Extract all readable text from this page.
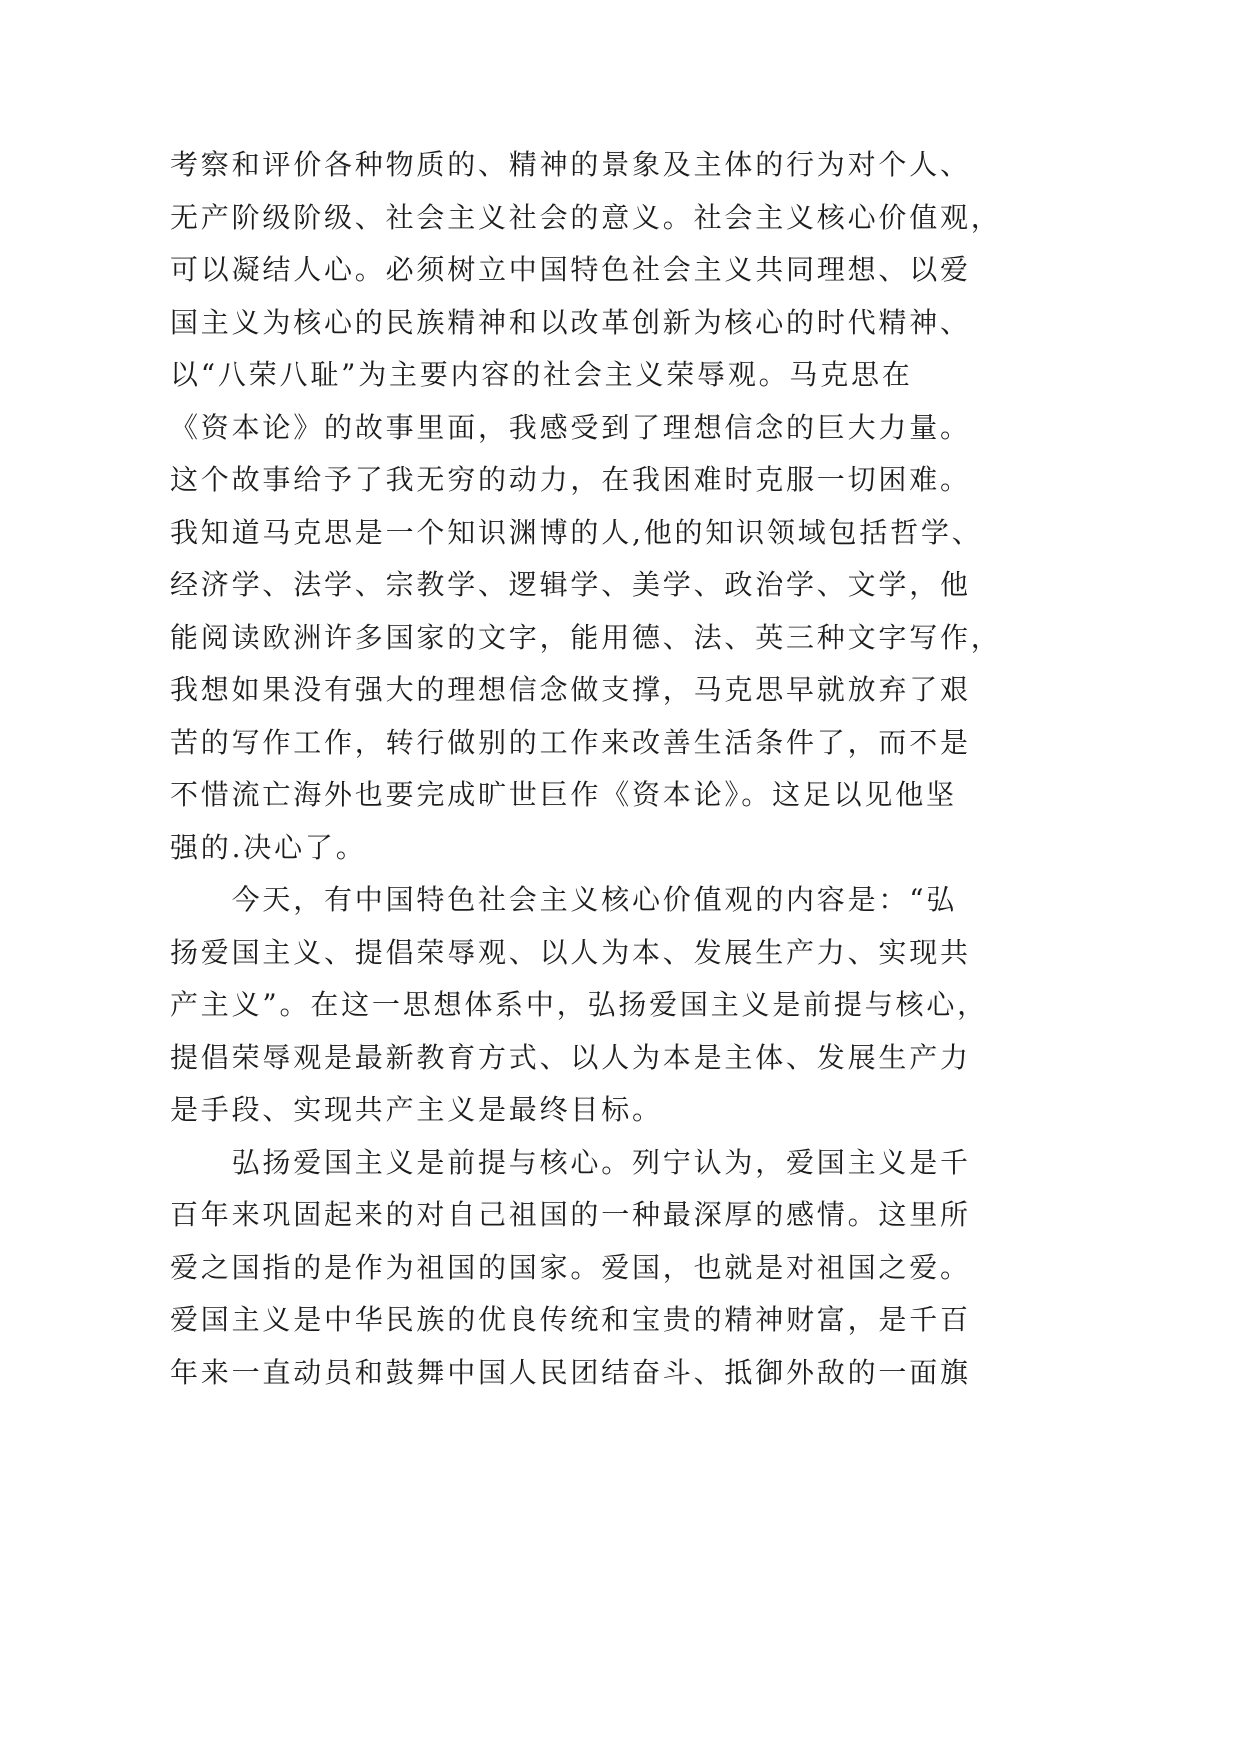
考察和评价各种物质的、精神的景象及主体的行为对个人、
无产阶级阶级、社会主义社会的意义。社会主义核心价值观，
可以凝结人心。必须树立中国特色社会主义共同理想、以爱
国主义为核心的民族精神和以改革创新为核心的时代精神、
以“八荣八耻”为主要内容的社会主义荣辱观。马克思在
《资本论》的故事里面，我感受到了理想信念的巨大力量。
这个故事给予了我无穷的动力，在我困难时克服一切困难。
我知道马克思是一个知识渊博的人,他的知识领域包括哲学、
经济学、法学、宗教学、逻辑学、美学、政治学、文学，他
能阅读欧洲许多国家的文字，能用德、法、英三种文字写作，
我想如果没有强大的理想信念做支撑，马克思早就放弃了艰
苦的写作工作，转行做别的工作来改善生活条件了，而不是
不惜流亡海外也要完成旷世巨作《资本论》。这足以见他坚
强的.决心了。
今天，有中国特色社会主义核心价值观的内容是：“弘
扬爱国主义、提倡荣辱观、以人为本、发展生产力、实现共
产主义”。在这一思想体系中，弘扬爱国主义是前提与核心，
提倡荣辱观是最新教育方式、以人为本是主体、发展生产力
是手段、实现共产主义是最终目标。
弘扬爱国主义是前提与核心。列宁认为，爱国主义是千
百年来巩固起来的对自己祖国的一种最深厚的感情。这里所
爱之国指的是作为祖国的国家。爱国，也就是对祖国之爱。
爱国主义是中华民族的优良传统和宝贵的精神财富，是千百
年来一直动员和鼓舞中国人民团结奋斗、抵御外敌的一面旗
